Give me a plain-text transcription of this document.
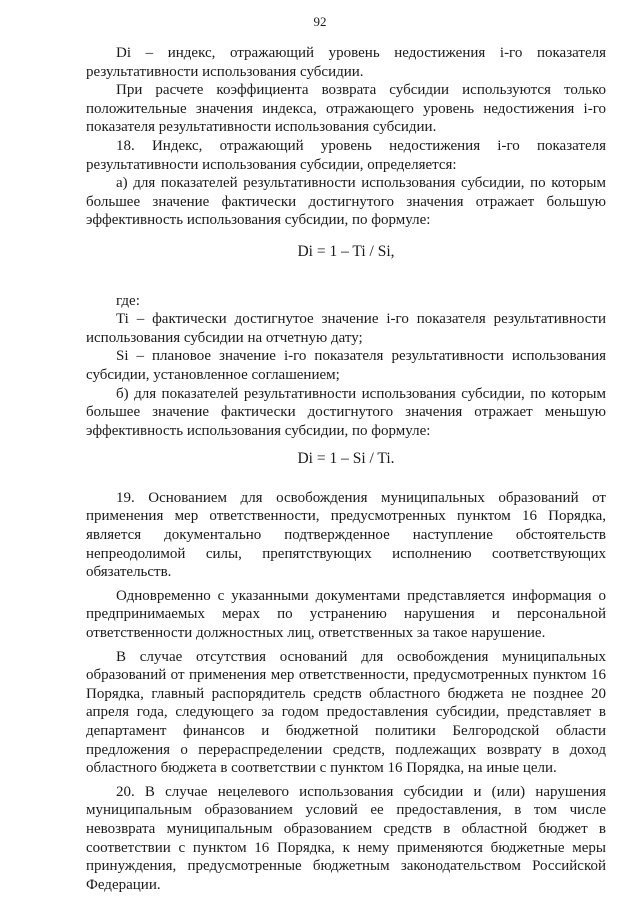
92

Di – индекс, отражающий уровень недостижения i-го показателя результативности использования субсидии.

При расчете коэффициента возврата субсидии используются только положительные значения индекса, отражающего уровень недостижения i-го показателя результативности использования субсидии.

18. Индекс, отражающий уровень недостижения i-го показателя результативности использования субсидии, определяется:

а) для показателей результативности использования субсидии, по которым большее значение фактически достигнутого значения отражает большую эффективность использования субсидии, по формуле:

Di = 1 – Ti / Si,

где:

Ti – фактически достигнутое значение i-го показателя результативности использования субсидии на отчетную дату;

Si – плановое значение i-го показателя результативности использования субсидии, установленное соглашением;

б) для показателей результативности использования субсидии, по которым большее значение фактически достигнутого значения отражает меньшую эффективность использования субсидии, по формуле:

Di = 1 – Si / Ti.

19. Основанием для освобождения муниципальных образований от применения мер ответственности, предусмотренных пунктом 16 Порядка, является документально подтвержденное наступление обстоятельств непреодолимой силы, препятствующих исполнению соответствующих обязательств.

Одновременно с указанными документами представляется информация о предпринимаемых мерах по устранению нарушения и персональной ответственности должностных лиц, ответственных за такое нарушение.

В случае отсутствия оснований для освобождения муниципальных образований от применения мер ответственности, предусмотренных пунктом 16 Порядка, главный распорядитель средств областного бюджета не позднее 20 апреля года, следующего за годом предоставления субсидии, представляет в департамент финансов и бюджетной политики Белгородской области предложения о перераспределении средств, подлежащих возврату в доход областного бюджета в соответствии с пунктом 16 Порядка, на иные цели.

20. В случае нецелевого использования субсидии и (или) нарушения муниципальным образованием условий ее предоставления, в том числе невозврата муниципальным образованием средств в областной бюджет в соответствии с пунктом 16 Порядка, к нему применяются бюджетные меры принуждения, предусмотренные бюджетным законодательством Российской Федерации.
